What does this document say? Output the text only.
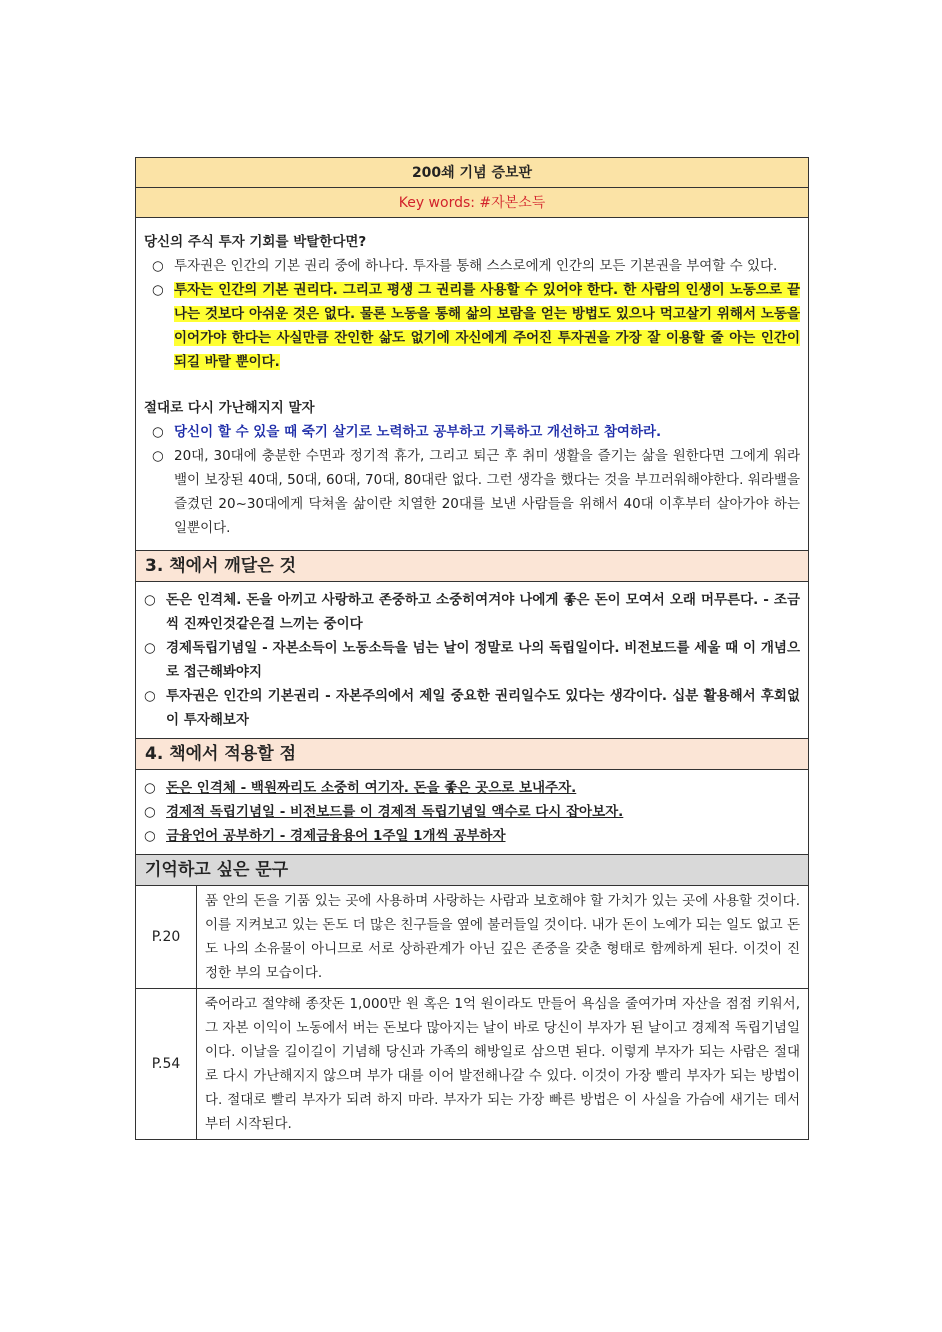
200쇄 기념 증보판
Key words: #자본소득
당신의 주식 투자 기회를 박탈한다면?
○ 투자권은 인간의 기본 권리 중에 하나다. 투자를 통해 스스로에게 인간의 모든 기본권을 부여할 수 있다.
○ 투자는 인간의 기본 권리다. 그리고 평생 그 권리를 사용할 수 있어야 한다. 한 사람의 인생이 노동으로 끝나는 것보다 아쉬운 것은 없다. 물론 노동을 통해 삶의 보람을 얻는 방법도 있으나 먹고살기 위해서 노동을 이어가야 한다는 사실만큼 잔인한 삶도 없기에 자신에게 주어진 투자권을 가장 잘 이용할 줄 아는 인간이 되길 바랄 뿐이다.
절대로 다시 가난해지지 말자
○ 당신이 할 수 있을 때 죽기 살기로 노력하고 공부하고 기록하고 개선하고 참여하라.
○ 20대, 30대에 충분한 수면과 정기적 휴가, 그리고 퇴근 후 취미 생활을 즐기는 삶을 원한다면 그에게 워라밸이 보장된 40대, 50대, 60대, 70대, 80대란 없다. 그런 생각을 했다는 것을 부끄러워해야한다. 워라밸을 즐겼던 20~30대에게 닥쳐올 삶이란 치열한 20대를 보낸 사람들을 위해서 40대 이후부터 살아가야 하는 일뿐이다.
3. 책에서 깨달은 것
○ 돈은 인격체. 돈을 아끼고 사랑하고 존중하고 소중히여겨야 나에게 좋은 돈이 모여서 오래 머무른다. - 조금씩 진짜인것같은걸 느끼는 중이다
○ 경제독립기념일 - 자본소득이 노동소득을 넘는 날이 정말로 나의 독립일이다. 비전보드를 세울 때 이 개념으로 접근해봐야지
○ 투자권은 인간의 기본권리 - 자본주의에서 제일 중요한 권리일수도 있다는 생각이다. 십분 활용해서 후회없이 투자해보자
4. 책에서 적용할 점
○ 돈은 인격체 - 백원짜리도 소중히 여기자. 돈을 좋은 곳으로 보내주자.
○ 경제적 독립기념일 - 비전보드를 이 경제적 독립기념일 액수로 다시 잡아보자.
○ 금융언어 공부하기 - 경제금융용어 1주일 1개씩 공부하자
기억하고 싶은 문구
P.20
품 안의 돈을 기품 있는 곳에 사용하며 사랑하는 사람과 보호해야 할 가치가 있는 곳에 사용할 것이다. 이를 지켜보고 있는 돈도 더 많은 친구들을 옆에 불러들일 것이다. 내가 돈이 노예가 되는 일도 없고 돈도 나의 소유물이 아니므로 서로 상하관계가 아닌 깊은 존중을 갖춘 형태로 함께하게 된다. 이것이 진정한 부의 모습이다.
P.54
죽어라고 절약해 종잣돈 1,000만 원 혹은 1억 원이라도 만들어 욕심을 줄여가며 자산을 점점 키워서, 그 자본 이익이 노동에서 버는 돈보다 많아지는 날이 바로 당신이 부자가 된 날이고 경제적 독립기념일이다. 이날을 길이길이 기념해 당신과 가족의 해방일로 삼으면 된다. 이렇게 부자가 되는 사람은 절대로 다시 가난해지지 않으며 부가 대를 이어 발전해나갈 수 있다. 이것이 가장 빨리 부자가 되는 방법이다. 절대로 빨리 부자가 되려 하지 마라. 부자가 되는 가장 빠른 방법은 이 사실을 가슴에 새기는 데서부터 시작된다.
